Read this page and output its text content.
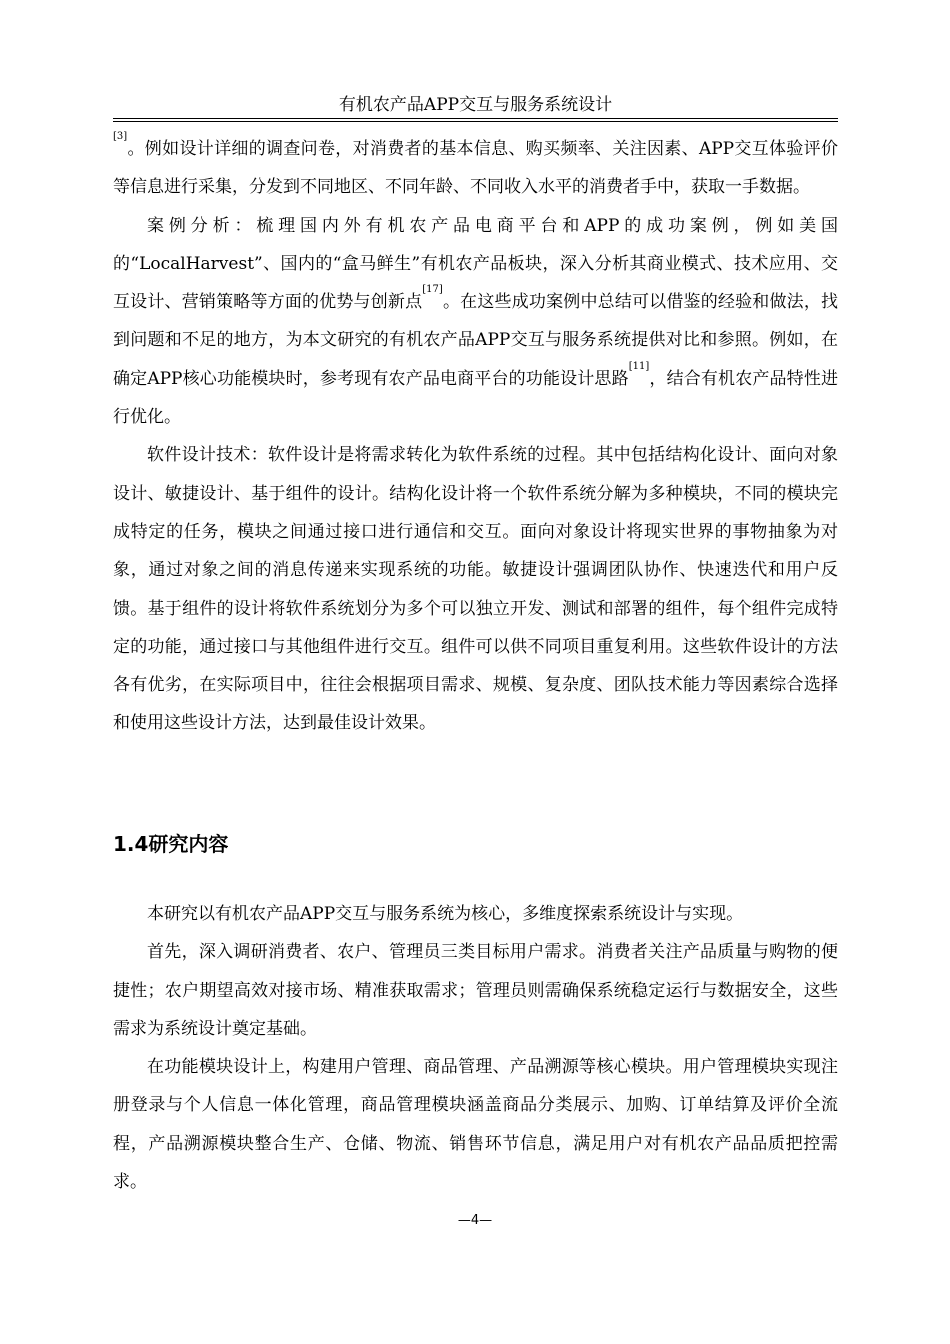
有机农产品APP交互与服务系统设计

[3]。例如设计详细的调查问卷，对消费者的基本信息、购买频率、关注因素、APP交互体验评价等信息进行采集，分发到不同地区、不同年龄、不同收入水平的消费者手中，获取一手数据。

案例分析：梳理国内外有机农产品电商平台和APP的成功案例，例如美国的“LocalHarvest”、国内的“盒马鲜生”有机农产品板块，深入分析其商业模式、技术应用、交互设计、营销策略等方面的优势与创新点[17]。在这些成功案例中总结可以借鉴的经验和做法，找到问题和不足的地方，为本文研究的有机农产品APP交互与服务系统提供对比和参照。例如，在确定APP核心功能模块时，参考现有农产品电商平台的功能设计思路[11]，结合有机农产品特性进行优化。

软件设计技术：软件设计是将需求转化为软件系统的过程。其中包括结构化设计、面向对象设计、敏捷设计、基于组件的设计。结构化设计将一个软件系统分解为多种模块，不同的模块完成特定的任务，模块之间通过接口进行通信和交互。面向对象设计将现实世界的事物抽象为对象，通过对象之间的消息传递来实现系统的功能。敏捷设计强调团队协作、快速迭代和用户反馈。基于组件的设计将软件系统划分为多个可以独立开发、测试和部署的组件，每个组件完成特定的功能，通过接口与其他组件进行交互。组件可以供不同项目重复利用。这些软件设计的方法各有优劣，在实际项目中，往往会根据项目需求、规模、复杂度、团队技术能力等因素综合选择和使用这些设计方法，达到最佳设计效果。

1.4研究内容

本研究以有机农产品APP交互与服务系统为核心，多维度探索系统设计与实现。

首先，深入调研消费者、农户、管理员三类目标用户需求。消费者关注产品质量与购物的便捷性；农户期望高效对接市场、精准获取需求；管理员则需确保系统稳定运行与数据安全，这些需求为系统设计奠定基础。

在功能模块设计上，构建用户管理、商品管理、产品溯源等核心模块。用户管理模块实现注册登录与个人信息一体化管理，商品管理模块涵盖商品分类展示、加购、订单结算及评价全流程，产品溯源模块整合生产、仓储、物流、销售环节信息，满足用户对有机农产品品质把控需求。

—4—
